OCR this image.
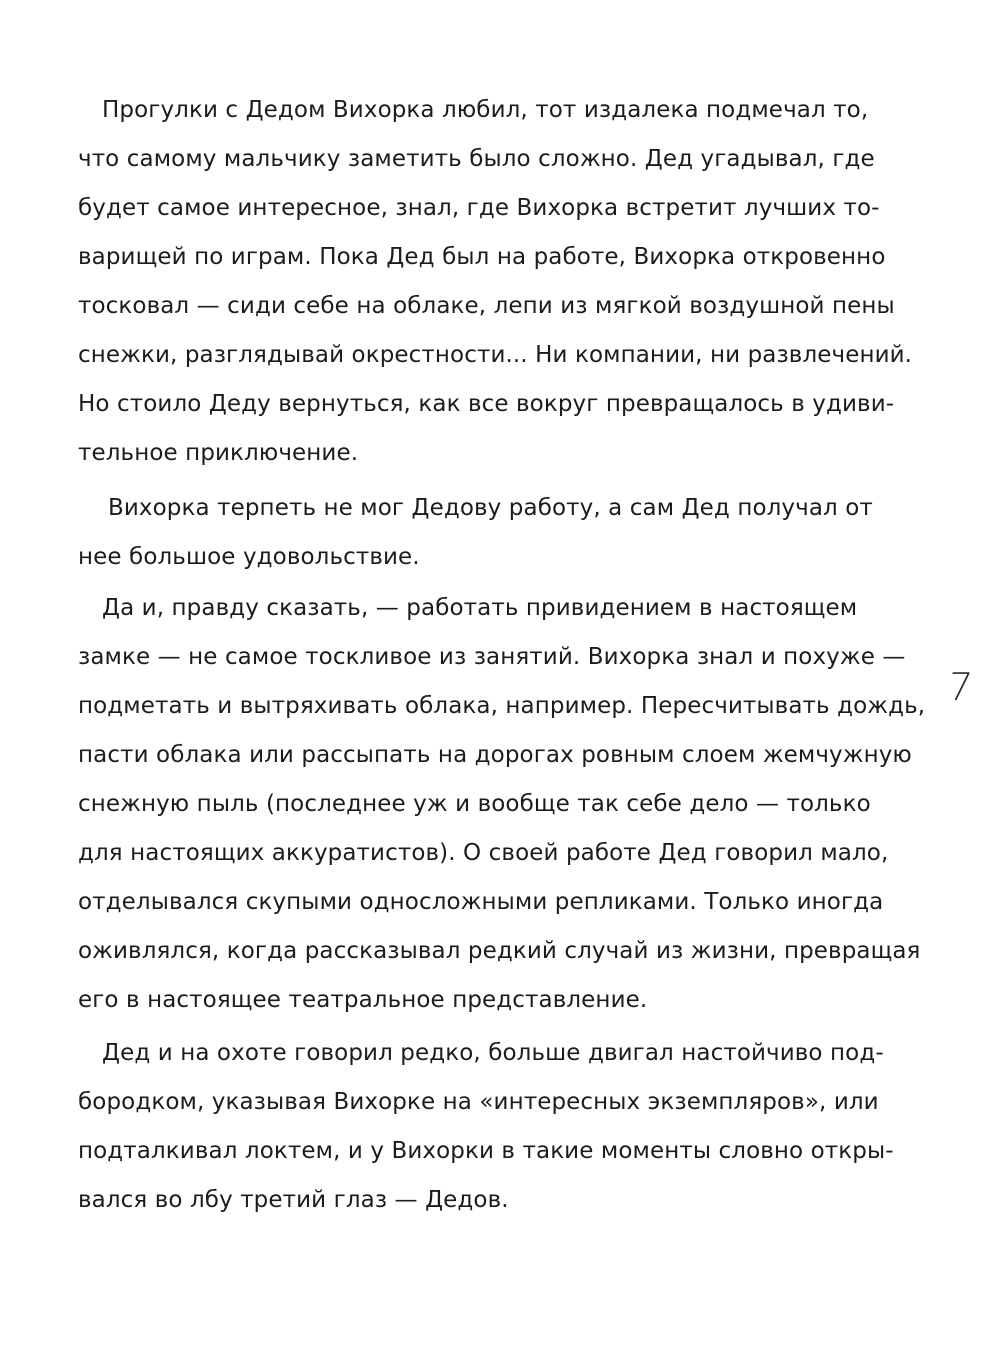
Прогулки с Дедом Вихорка любил, тот издалека подмечал то,
что самому мальчику заметить было сложно. Дед угадывал, где
будет самое интересное, знал, где Вихорка встретит лучших то-
варищей по играм. Пока Дед был на работе, Вихорка откровенно
тосковал — сиди себе на облаке, лепи из мягкой воздушной пены
снежки, разглядывай окрестности... Ни компании, ни развлечений.
Но стоило Деду вернуться, как все вокруг превращалось в удиви-
тельное приключение.
Вихорка терпеть не мог Дедову работу, а сам Дед получал от
нее большое удовольствие.
Да и, правду сказать, — работать привидением в настоящем
замке — не самое тоскливое из занятий. Вихорка знал и похуже —
подметать и вытряхивать облака, например. Пересчитывать дождь,
пасти облака или рассыпать на дорогах ровным слоем жемчужную
снежную пыль (последнее уж и вообще так себе дело — только
для настоящих аккуратистов). О своей работе Дед говорил мало,
отделывался скупыми односложными репликами. Только иногда
оживлялся, когда рассказывал редкий случай из жизни, превращая
его в настоящее театральное представление.
Дед и на охоте говорил редко, больше двигал настойчиво под-
бородком, указывая Вихорке на «интересных экземпляров», или
подталкивал локтем, и у Вихорки в такие моменты словно откры-
вался во лбу третий глаз — Дедов.
7
